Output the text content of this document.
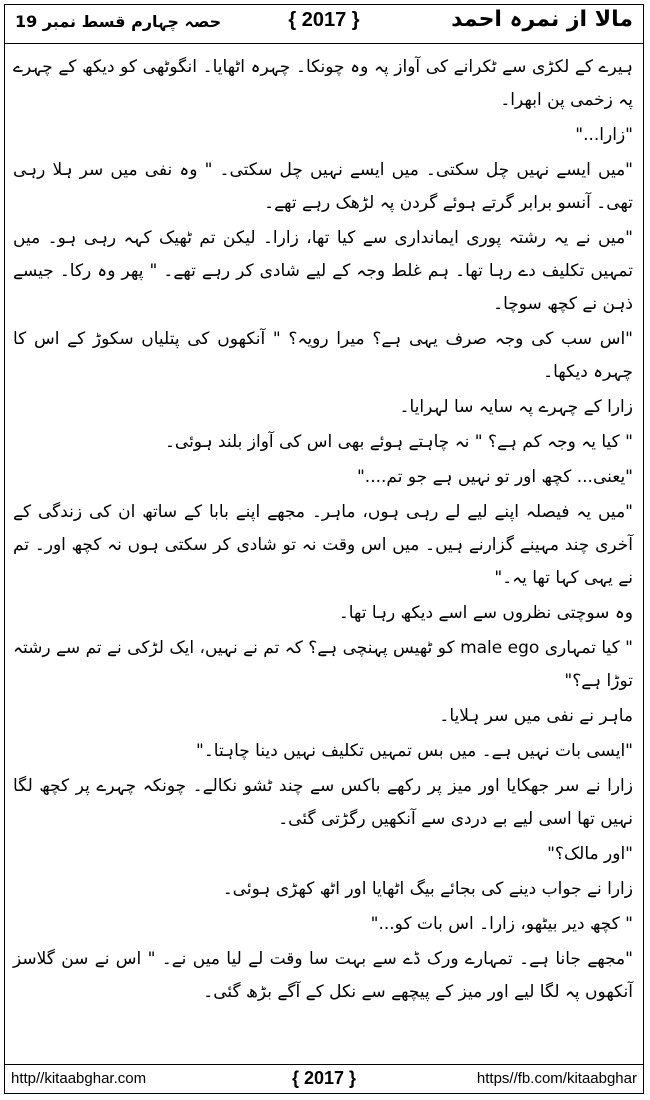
مالا از نمرہ احمد
{ 2017 }
حصہ چہارم قسط نمبر 19

ہیرے کے لکڑی سے ٹکرانے کی آواز پہ وہ چونکا۔ چہرہ اٹھایا۔ انگوٹھی کو دیکھ کے چہرے پہ زخمی پن ابھرا۔

"زارا..."

"میں ایسے نہیں چل سکتی۔ میں ایسے نہیں چل سکتی۔ " وہ نفی میں سر ہلا رہی تھی۔ آنسو برابر گرتے ہوئے گردن پہ لڑھک رہے تھے۔

"میں نے یہ رشتہ پوری ایمانداری سے کیا تھا، زارا۔ لیکن تم ٹھیک کہہ رہی ہو۔ میں تمہیں تکلیف دے رہا تھا۔ ہم غلط وجہ کے لیے شادی کر رہے تھے۔ " پھر وہ رکا۔ جیسے ذہن نے کچھ سوچا۔

"اس سب کی وجہ صرف یہی ہے؟ میرا رویہ؟ " آنکھوں کی پتلیاں سکوڑ کے اس کا چہرہ دیکھا۔

زارا کے چہرے پہ سایہ سا لہرایا۔

" کیا یہ وجہ کم ہے؟ " نہ چاہتے ہوئے بھی اس کی آواز بلند ہوئی۔

"یعنی... کچھ اور تو نہیں ہے جو تم...."

"میں یہ فیصلہ اپنے لیے لے رہی ہوں، ماہر۔ مجھے اپنے بابا کے ساتھ ان کی زندگی کے آخری چند مہینے گزارنے ہیں۔ میں اس وقت نہ تو شادی کر سکتی ہوں نہ کچھ اور۔ تم نے یہی کہا تھا یہ۔"

وہ سوچتی نظروں سے اسے دیکھ رہا تھا۔

" کیا تمہاری male ego کو ٹھیس پہنچی ہے؟ کہ تم نے نہیں، ایک لڑکی نے تم سے رشتہ توڑا ہے؟"

ماہر نے نفی میں سر ہلایا۔

"ایسی بات نہیں ہے۔ میں بس تمہیں تکلیف نہیں دینا چاہتا۔"

زارا نے سر جھکایا اور میز پر رکھے باکس سے چند ٹشو نکالے۔ چونکہ چہرے پر کچھ لگا نہیں تھا اسی لیے بے دردی سے آنکھیں رگڑتی گئی۔

"اور مالک؟"

زارا نے جواب دینے کی بجائے بیگ اٹھایا اور اٹھ کھڑی ہوئی۔

" کچھ دیر بیٹھو، زارا۔ اس بات کو..."

"مجھے جانا ہے۔ تمہارے ورک ڈے سے بہت سا وقت لے لیا میں نے۔ " اس نے سن گلاسز آنکھوں پہ لگا لیے اور میز کے پیچھے سے نکل کے آگے بڑھ گئی۔

http//kitaabghar.com	{ 2017 }	https//fb.com/kitaabghar
